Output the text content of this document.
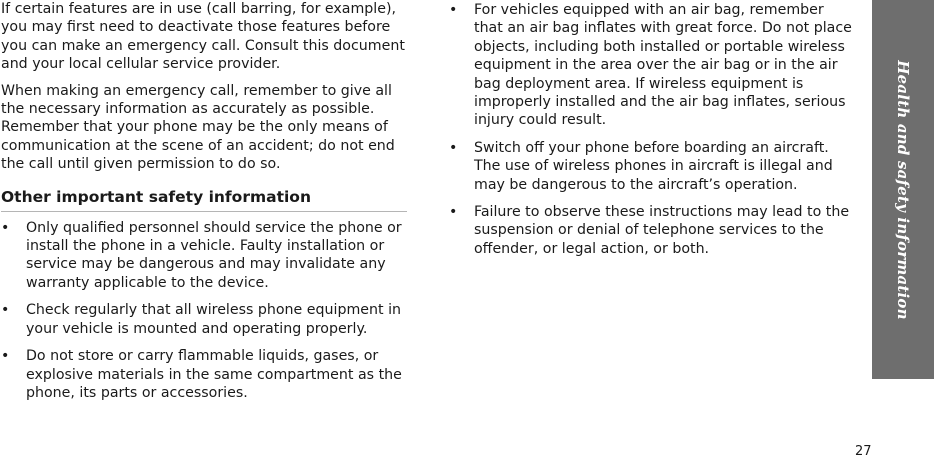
If certain features are in use (call barring, for example), you may first need to deactivate those features before you can make an emergency call. Consult this document and your local cellular service provider.

When making an emergency call, remember to give all the necessary information as accurately as possible. Remember that your phone may be the only means of communication at the scene of an accident; do not end the call until given permission to do so.

Other important safety information
•	Only qualified personnel should service the phone or install the phone in a vehicle. Faulty installation or service may be dangerous and may invalidate any warranty applicable to the device.
•	Check regularly that all wireless phone equipment in your vehicle is mounted and operating properly.
•	Do not store or carry flammable liquids, gases, or explosive materials in the same compartment as the phone, its parts or accessories.
•	For vehicles equipped with an air bag, remember that an air bag inflates with great force. Do not place objects, including both installed or portable wireless equipment in the area over the air bag or in the air bag deployment area. If wireless equipment is improperly installed and the air bag inflates, serious injury could result.
•	Switch off your phone before boarding an aircraft. The use of wireless phones in aircraft is illegal and may be dangerous to the aircraft’s operation.
•	Failure to observe these instructions may lead to the suspension or denial of telephone services to the offender, or legal action, or both.	Health and safety information
27
